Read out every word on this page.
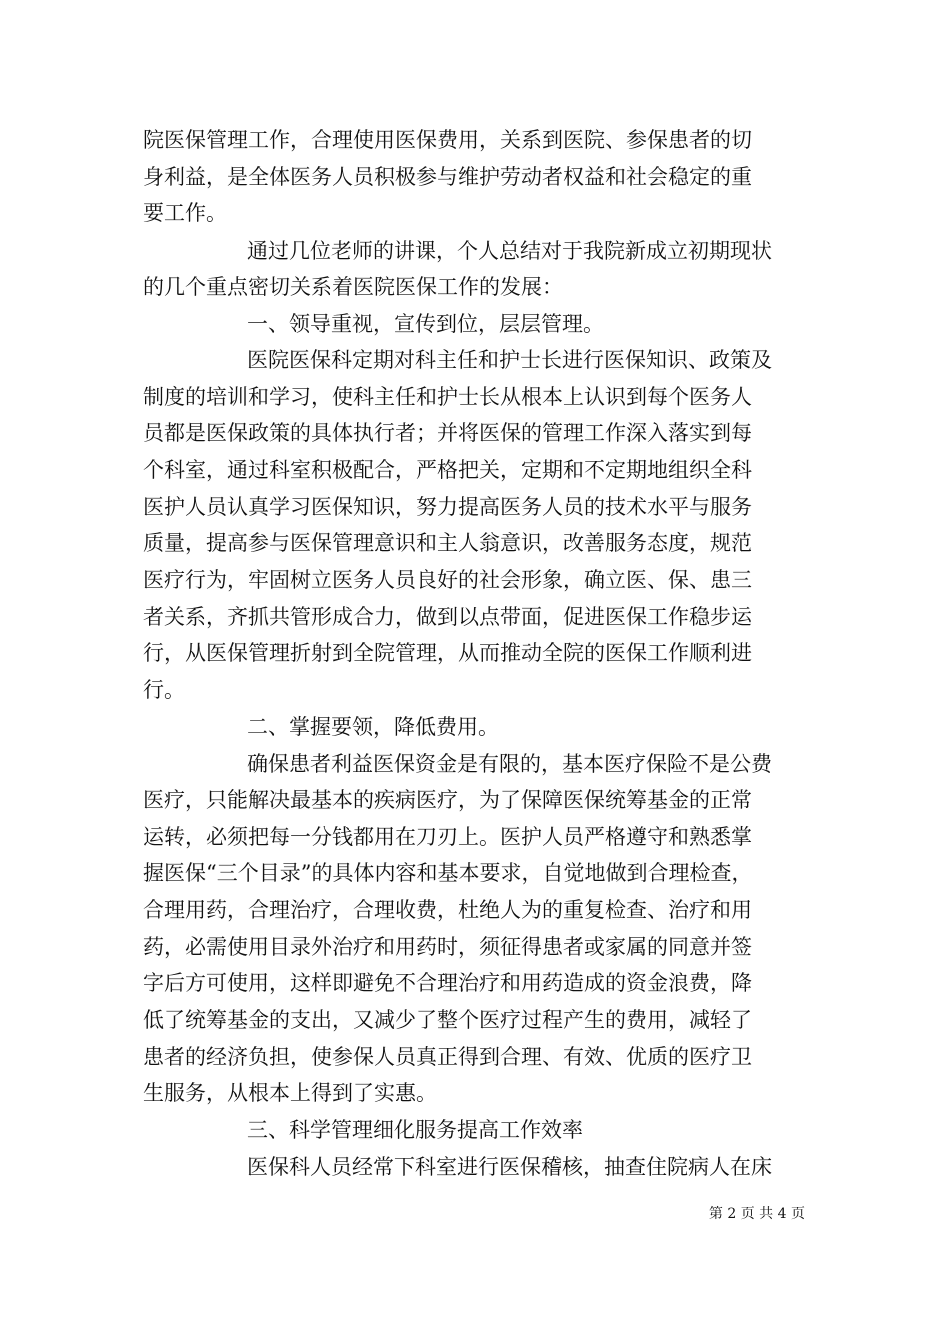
院医保管理工作，合理使用医保费用，关系到医院、参保患者的切
身利益，是全体医务人员积极参与维护劳动者权益和社会稳定的重
要工作。
通过几位老师的讲课，个人总结对于我院新成立初期现状
的几个重点密切关系着医院医保工作的发展：
一、领导重视，宣传到位，层层管理。
医院医保科定期对科主任和护士长进行医保知识、政策及
制度的培训和学习，使科主任和护士长从根本上认识到每个医务人
员都是医保政策的具体执行者；并将医保的管理工作深入落实到每
个科室，通过科室积极配合，严格把关，定期和不定期地组织全科
医护人员认真学习医保知识，努力提高医务人员的技术水平与服务
质量，提高参与医保管理意识和主人翁意识，改善服务态度，规范
医疗行为，牢固树立医务人员良好的社会形象，确立医、保、患三
者关系，齐抓共管形成合力，做到以点带面，促进医保工作稳步运
行，从医保管理折射到全院管理，从而推动全院的医保工作顺利进
行。
二、掌握要领，降低费用。
确保患者利益医保资金是有限的，基本医疗保险不是公费
医疗，只能解决最基本的疾病医疗，为了保障医保统筹基金的正常
运转，必须把每一分钱都用在刀刃上。医护人员严格遵守和熟悉掌
握医保“三个目录”的具体内容和基本要求，自觉地做到合理检查，
合理用药，合理治疗，合理收费，杜绝人为的重复检查、治疗和用
药，必需使用目录外治疗和用药时，须征得患者或家属的同意并签
字后方可使用，这样即避免不合理治疗和用药造成的资金浪费，降
低了统筹基金的支出，又减少了整个医疗过程产生的费用，减轻了
患者的经济负担，使参保人员真正得到合理、有效、优质的医疗卫
生服务，从根本上得到了实惠。
三、科学管理细化服务提高工作效率
医保科人员经常下科室进行医保稽核，抽查住院病人在床
第 2 页 共 4 页
